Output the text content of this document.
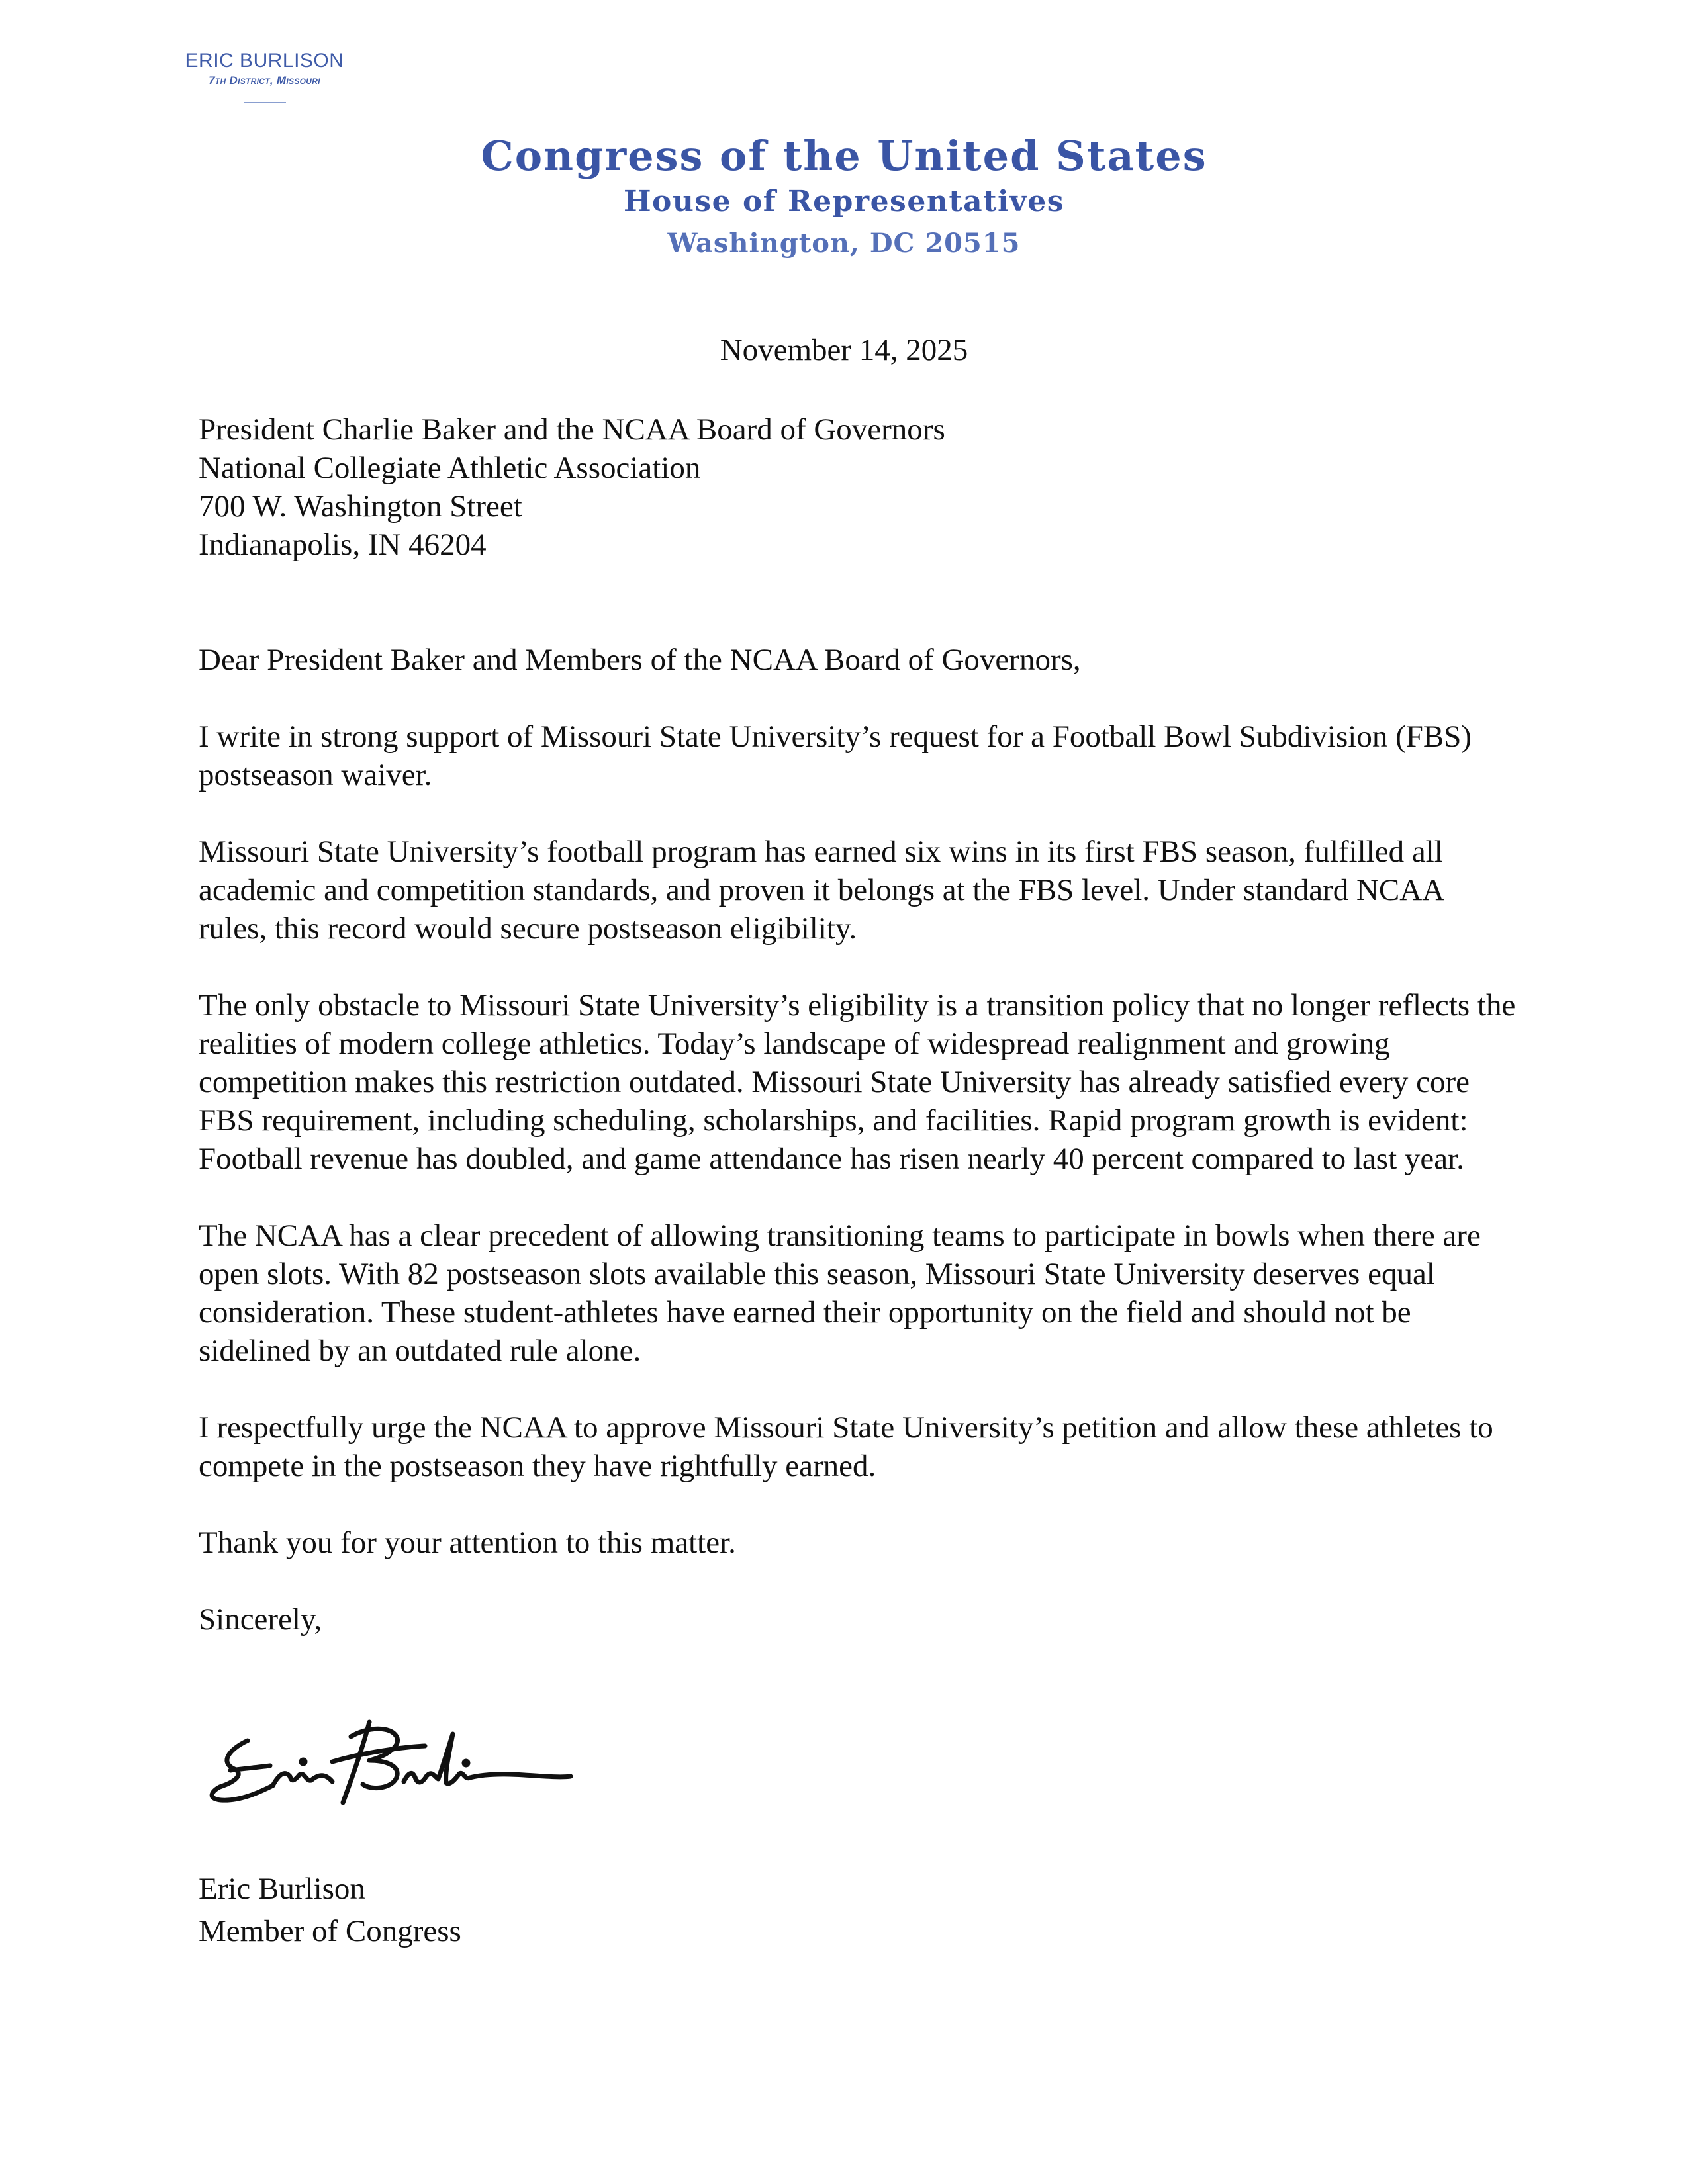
ERIC BURLISON
7th District, Missouri
Congress of the United States
House of Representatives
Washington, DC 20515
November 14, 2025

President Charlie Baker and the NCAA Board of Governors
National Collegiate Athletic Association
700 W. Washington Street
Indianapolis, IN 46204

Dear President Baker and Members of the NCAA Board of Governors,

I write in strong support of Missouri State University’s request for a Football Bowl Subdivision (FBS) postseason waiver.

Missouri State University’s football program has earned six wins in its first FBS season, fulfilled all academic and competition standards, and proven it belongs at the FBS level. Under standard NCAA rules, this record would secure postseason eligibility.

The only obstacle to Missouri State University’s eligibility is a transition policy that no longer reflects the realities of modern college athletics. Today’s landscape of widespread realignment and growing competition makes this restriction outdated. Missouri State University has already satisfied every core FBS requirement, including scheduling, scholarships, and facilities. Rapid program growth is evident: Football revenue has doubled, and game attendance has risen nearly 40 percent compared to last year.

The NCAA has a clear precedent of allowing transitioning teams to participate in bowls when there are open slots. With 82 postseason slots available this season, Missouri State University deserves equal consideration. These student-athletes have earned their opportunity on the field and should not be sidelined by an outdated rule alone.

I respectfully urge the NCAA to approve Missouri State University’s petition and allow these athletes to compete in the postseason they have rightfully earned.

Thank you for your attention to this matter.

Sincerely,

Eric Burlison
Member of Congress
